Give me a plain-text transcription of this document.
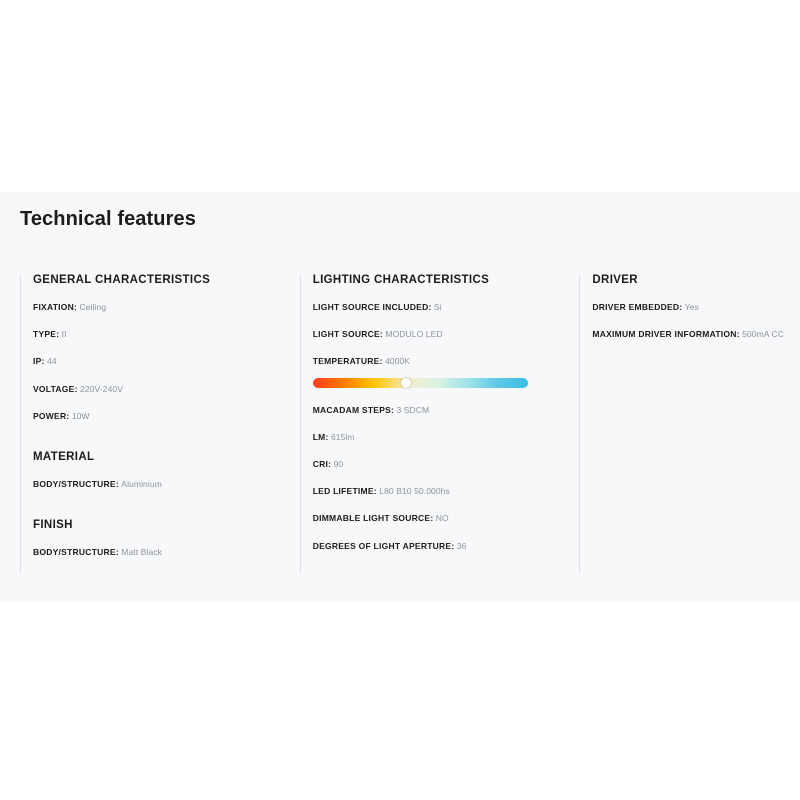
Technical features
GENERAL CHARACTERISTICS
FIXATION: Ceiling
TYPE: II
IP: 44
VOLTAGE: 220V-240V
POWER: 10W
MATERIAL
BODY/STRUCTURE: Aluminium
FINISH
BODY/STRUCTURE: Matt Black
LIGHTING CHARACTERISTICS
LIGHT SOURCE INCLUDED: Si
LIGHT SOURCE: MODULO LED
TEMPERATURE: 4000K
MACADAM STEPS: 3 SDCM
LM: 615lm
CRI: 90
LED LIFETIME: L80 B10 50.000hs
DIMMABLE LIGHT SOURCE: NO
DEGREES OF LIGHT APERTURE: 36
DRIVER
DRIVER EMBEDDED: Yes
MAXIMUM DRIVER INFORMATION: 500mA CC
